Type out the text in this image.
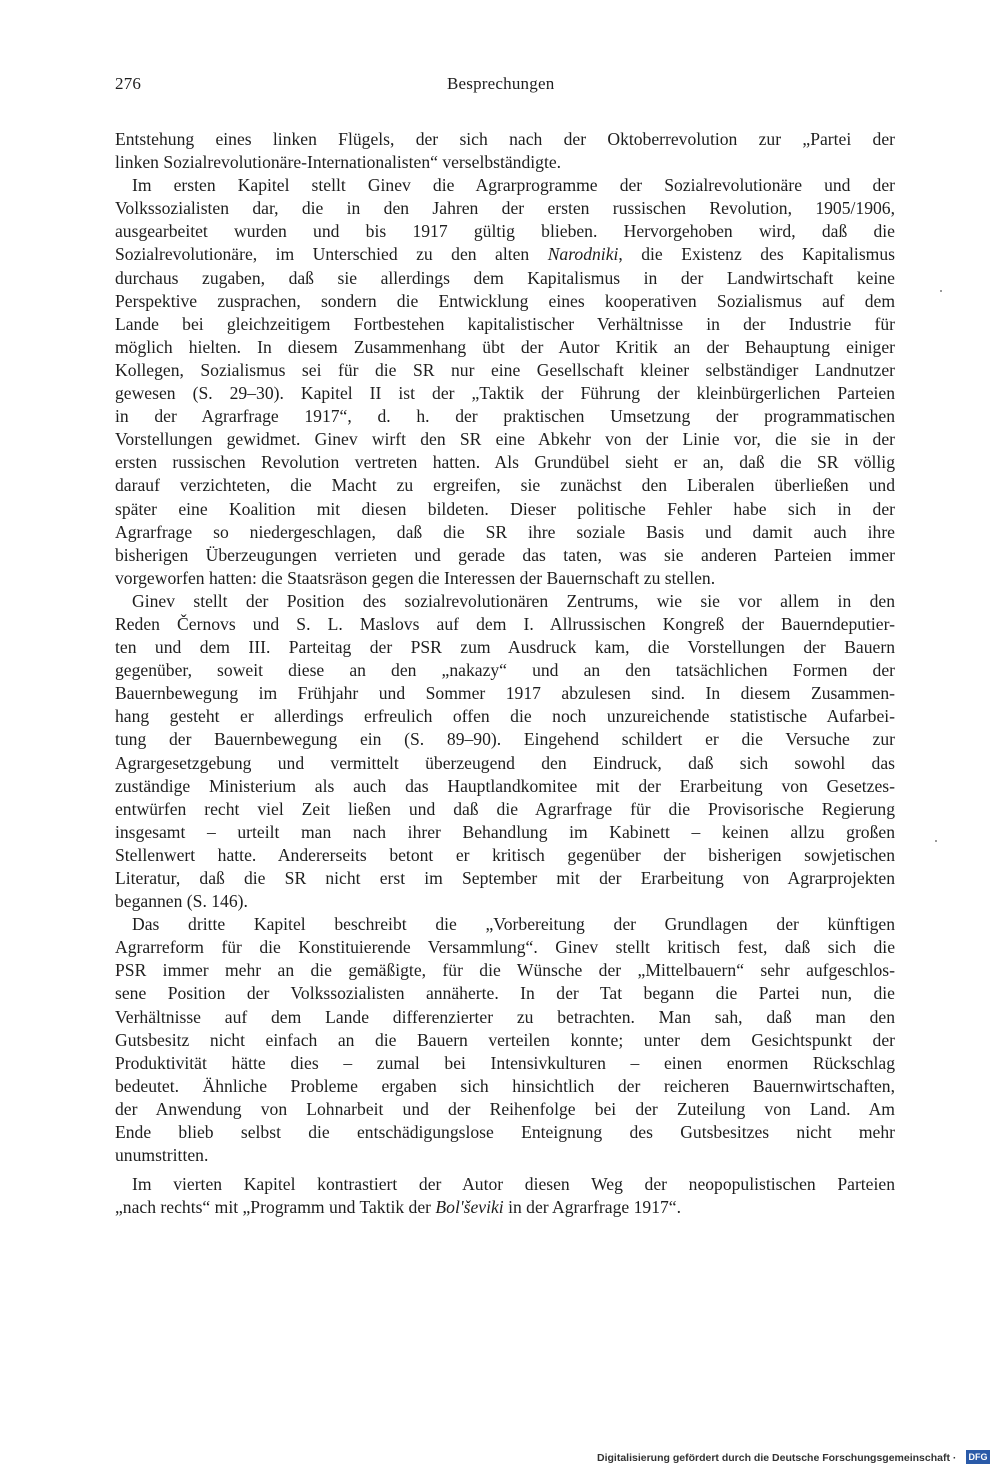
276	Besprechungen
Entstehung eines linken Flügels, der sich nach der Oktoberrevolution zur „Partei der
linken Sozialrevolutionäre-Internationalisten“ verselbständigte.
Im ersten Kapitel stellt Ginev die Agrarprogramme der Sozialrevolutionäre und der
Volkssozialisten dar, die in den Jahren der ersten russischen Revolution, 1905/1906,
ausgearbeitet wurden und bis 1917 gültig blieben. Hervorgehoben wird, daß die
Sozialrevolutionäre, im Unterschied zu den alten Narodniki, die Existenz des Kapitalismus
durchaus zugaben, daß sie allerdings dem Kapitalismus in der Landwirtschaft keine
Perspektive zusprachen, sondern die Entwicklung eines kooperativen Sozialismus auf dem
Lande bei gleichzeitigem Fortbestehen kapitalistischer Verhältnisse in der Industrie für
möglich hielten. In diesem Zusammenhang übt der Autor Kritik an der Behauptung einiger
Kollegen, Sozialismus sei für die SR nur eine Gesellschaft kleiner selbständiger Landnutzer
gewesen (S. 29–30). Kapitel II ist der „Taktik der Führung der kleinbürgerlichen Parteien
in der Agrarfrage 1917“, d. h. der praktischen Umsetzung der programmatischen
Vorstellungen gewidmet. Ginev wirft den SR eine Abkehr von der Linie vor, die sie in der
ersten russischen Revolution vertreten hatten. Als Grundübel sieht er an, daß die SR völlig
darauf verzichteten, die Macht zu ergreifen, sie zunächst den Liberalen überließen und
später eine Koalition mit diesen bildeten. Dieser politische Fehler habe sich in der
Agrarfrage so niedergeschlagen, daß die SR ihre soziale Basis und damit auch ihre
bisherigen Überzeugungen verrieten und gerade das taten, was sie anderen Parteien immer
vorgeworfen hatten: die Staatsräson gegen die Interessen der Bauernschaft zu stellen.
Ginev stellt der Position des sozialrevolutionären Zentrums, wie sie vor allem in den
Reden Černovs und S. L. Maslovs auf dem I. Allrussischen Kongreß der Bauerndeputier-
ten und dem III. Parteitag der PSR zum Ausdruck kam, die Vorstellungen der Bauern
gegenüber, soweit diese an den „nakazy“ und an den tatsächlichen Formen der
Bauernbewegung im Frühjahr und Sommer 1917 abzulesen sind. In diesem Zusammen-
hang gesteht er allerdings erfreulich offen die noch unzureichende statistische Aufarbei-
tung der Bauernbewegung ein (S. 89–90). Eingehend schildert er die Versuche zur
Agrargesetzgebung und vermittelt überzeugend den Eindruck, daß sich sowohl das
zuständige Ministerium als auch das Hauptlandkomitee mit der Erarbeitung von Gesetzes-
entwürfen recht viel Zeit ließen und daß die Agrarfrage für die Provisorische Regierung
insgesamt – urteilt man nach ihrer Behandlung im Kabinett – keinen allzu großen
Stellenwert hatte. Andererseits betont er kritisch gegenüber der bisherigen sowjetischen
Literatur, daß die SR nicht erst im September mit der Erarbeitung von Agrarprojekten
begannen (S. 146).
Das dritte Kapitel beschreibt die „Vorbereitung der Grundlagen der künftigen
Agrarreform für die Konstituierende Versammlung“. Ginev stellt kritisch fest, daß sich die
PSR immer mehr an die gemäßigte, für die Wünsche der „Mittelbauern“ sehr aufgeschlos-
sene Position der Volkssozialisten annäherte. In der Tat begann die Partei nun, die
Verhältnisse auf dem Lande differenzierter zu betrachten. Man sah, daß man den
Gutsbesitz nicht einfach an die Bauern verteilen konnte; unter dem Gesichtspunkt der
Produktivität hätte dies – zumal bei Intensivkulturen – einen enormen Rückschlag
bedeutet. Ähnliche Probleme ergaben sich hinsichtlich der reicheren Bauernwirtschaften,
der Anwendung von Lohnarbeit und der Reihenfolge bei der Zuteilung von Land. Am
Ende blieb selbst die entschädigungslose Enteignung des Gutsbesitzes nicht mehr
unumstritten.
Im vierten Kapitel kontrastiert der Autor diesen Weg der neopopulistischen Parteien
„nach rechts“ mit „Programm und Taktik der Bol'ševiki in der Agrarfrage 1917“.
Digitalisierung gefördert durch die Deutsche Forschungsgemeinschaft · DFG
